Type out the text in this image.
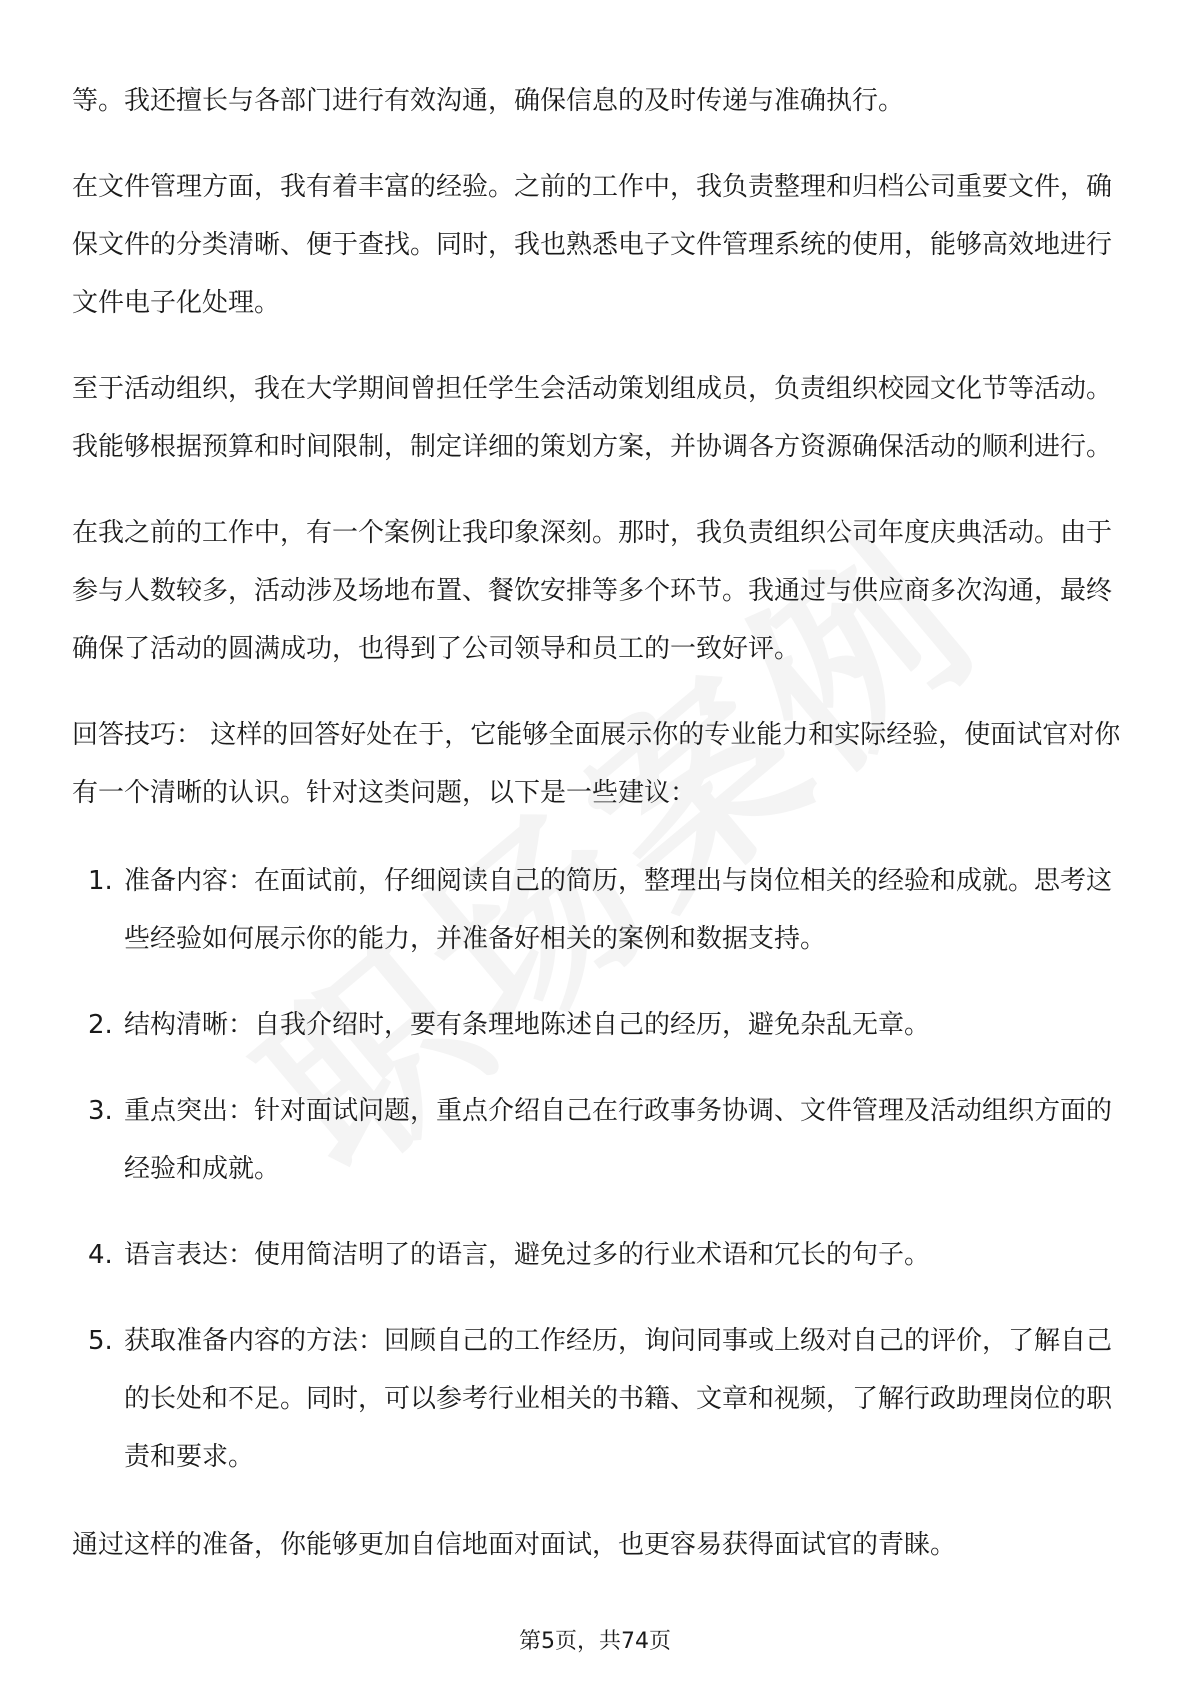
等。我还擅长与各部门进行有效沟通，确保信息的及时传递与准确执行。

在文件管理方面，我有着丰富的经验。之前的工作中，我负责整理和归档公司重要文件，确保文件的分类清晰、便于查找。同时，我也熟悉电子文件管理系统的使用，能够高效地进行文件电子化处理。

至于活动组织，我在大学期间曾担任学生会活动策划组成员，负责组织校园文化节等活动。我能够根据预算和时间限制，制定详细的策划方案，并协调各方资源确保活动的顺利进行。

在我之前的工作中，有一个案例让我印象深刻。那时，我负责组织公司年度庆典活动。由于参与人数较多，活动涉及场地布置、餐饮安排等多个环节。我通过与供应商多次沟通，最终确保了活动的圆满成功，也得到了公司领导和员工的一致好评。

回答技巧： 这样的回答好处在于，它能够全面展示你的专业能力和实际经验，使面试官对你有一个清晰的认识。针对这类问题，以下是一些建议：

1. 准备内容：在面试前，仔细阅读自己的简历，整理出与岗位相关的经验和成就。思考这些经验如何展示你的能力，并准备好相关的案例和数据支持。
2. 结构清晰：自我介绍时，要有条理地陈述自己的经历，避免杂乱无章。
3. 重点突出：针对面试问题，重点介绍自己在行政事务协调、文件管理及活动组织方面的经验和成就。
4. 语言表达：使用简洁明了的语言，避免过多的行业术语和冗长的句子。
5. 获取准备内容的方法：回顾自己的工作经历，询问同事或上级对自己的评价，了解自己的长处和不足。同时，可以参考行业相关的书籍、文章和视频，了解行政助理岗位的职责和要求。

通过这样的准备，你能够更加自信地面对面试，也更容易获得面试官的青睐。

第5页，共74页
